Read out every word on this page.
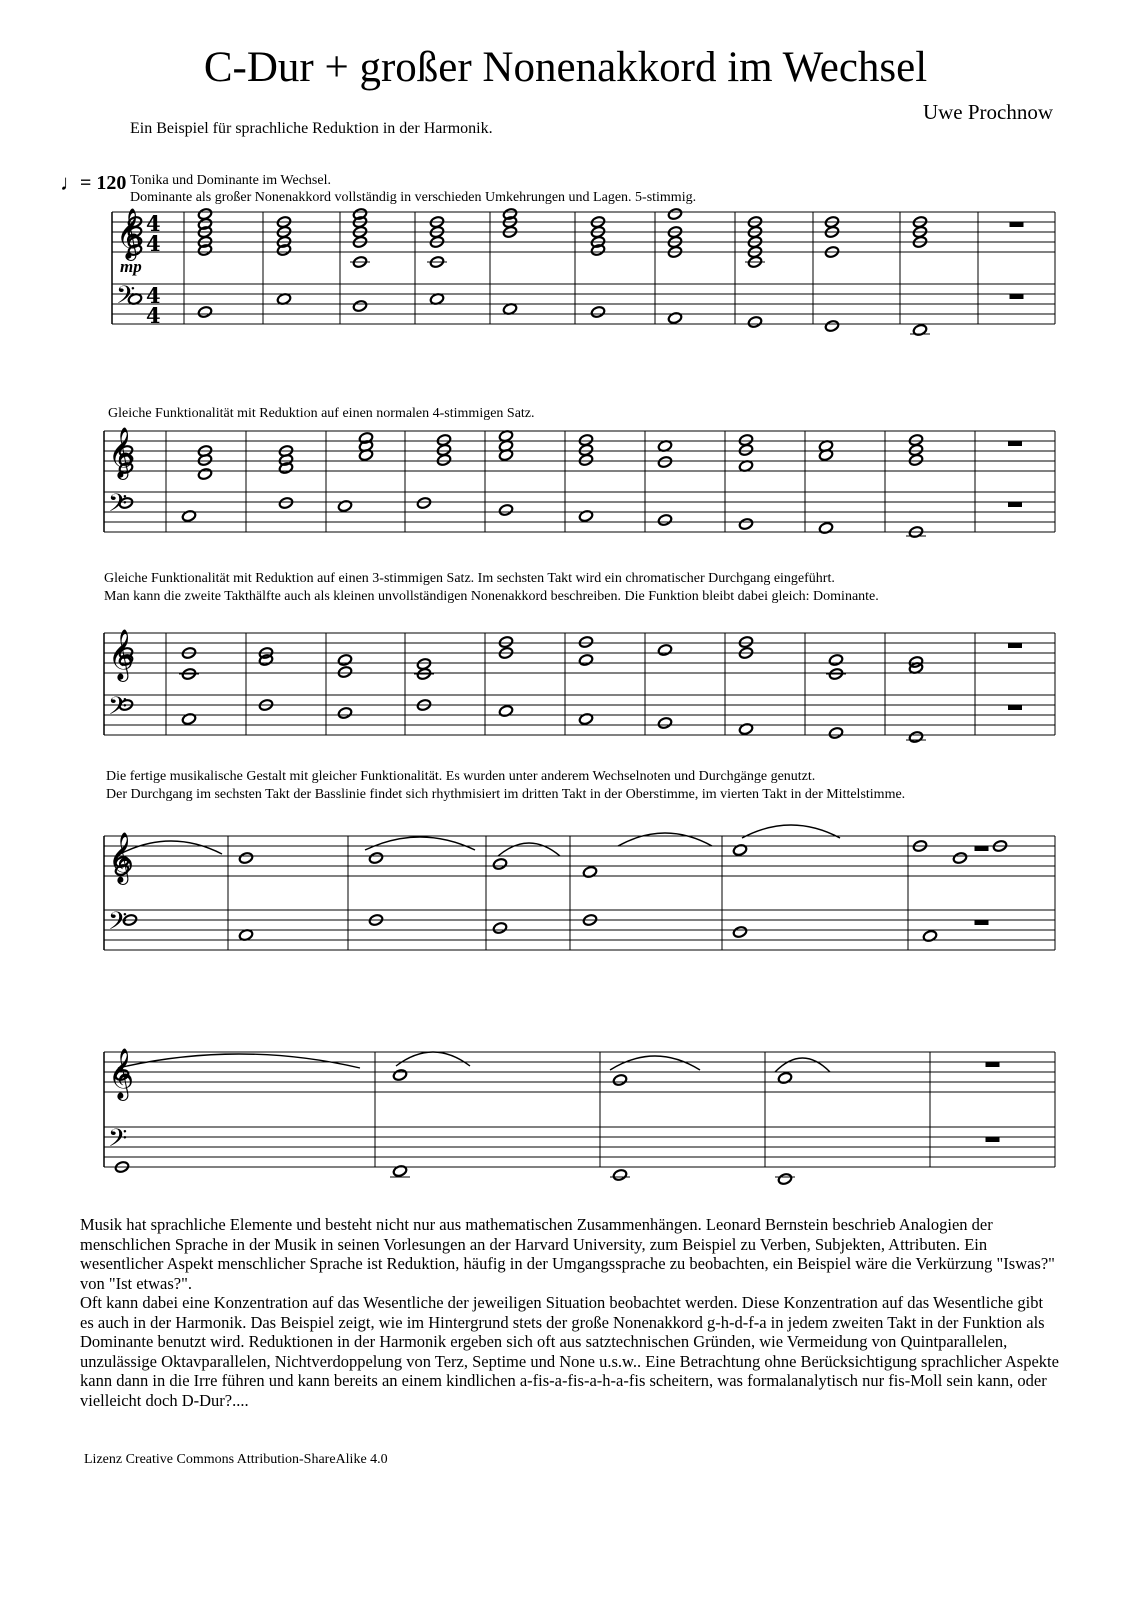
C-Dur + großer Nonenakkord im Wechsel
Uwe Prochnow
Ein Beispiel für sprachliche Reduktion in der Harmonik.
♩
= 120 Tonika und Dominante im Wechsel.
Dominante als großer Nonenakkord vollständig in verschieden Umkehrungen und Lagen. 5-stimmig.
Gleiche Funktionalität mit Reduktion auf einen normalen 4-stimmigen Satz.
Gleiche Funktionalität mit Reduktion auf einen 3-stimmigen Satz. Im sechsten Takt wird ein chromatischer Durchgang eingeführt.
Man kann die zweite Takthälfte auch als kleinen unvollständigen Nonenakkord beschreiben. Die Funktion bleibt dabei gleich: Dominante.
Die fertige musikalische Gestalt mit gleicher Funktionalität. Es wurden unter anderem Wechselnoten und Durchgänge genutzt.
Der Durchgang im sechsten Takt der Basslinie findet sich rhythmisiert im dritten Takt in der Oberstimme, im vierten Takt in der Mittelstimme.
mp
𝄞
𝄢
4
4
4
4
𝄞
𝄢
𝄞
𝄢
𝄞
𝄢
𝄞
𝄢

Musik hat sprachliche Elemente und besteht nicht nur aus mathematischen Zusammenhängen. Leonard Bernstein beschrieb Analogien der menschlichen Sprache in der Musik in seinen Vorlesungen an der Harvard University, zum Beispiel zu Verben, Subjekten, Attributen. Ein wesentlicher Aspekt menschlicher Sprache ist Reduktion, häufig in der Umgangssprache zu beobachten, ein Beispiel wäre die Verkürzung "Iswas?" von "Ist etwas?".

Oft kann dabei eine Konzentration auf das Wesentliche der jeweiligen Situation beobachtet werden. Diese Konzentration auf das Wesentliche gibt es auch in der Harmonik. Das Beispiel zeigt, wie im Hintergrund stets der große Nonenakkord g-h-d-f-a in jedem zweiten Takt in der Funktion als Dominante benutzt wird. Reduktionen in der Harmonik ergeben sich oft aus satztechnischen Gründen, wie Vermeidung von Quintparallelen, unzulässige Oktavparallelen, Nichtverdoppelung von Terz, Septime und None u.s.w.. Eine Betrachtung ohne Berücksichtigung sprachlicher Aspekte kann dann in die Irre führen und kann bereits an einem kindlichen a-fis-a-fis-a-h-a-fis scheitern, was formalanalytisch nur fis-Moll sein kann, oder vielleicht doch D-Dur?....

Lizenz Creative Commons Attribution-ShareAlike 4.0
